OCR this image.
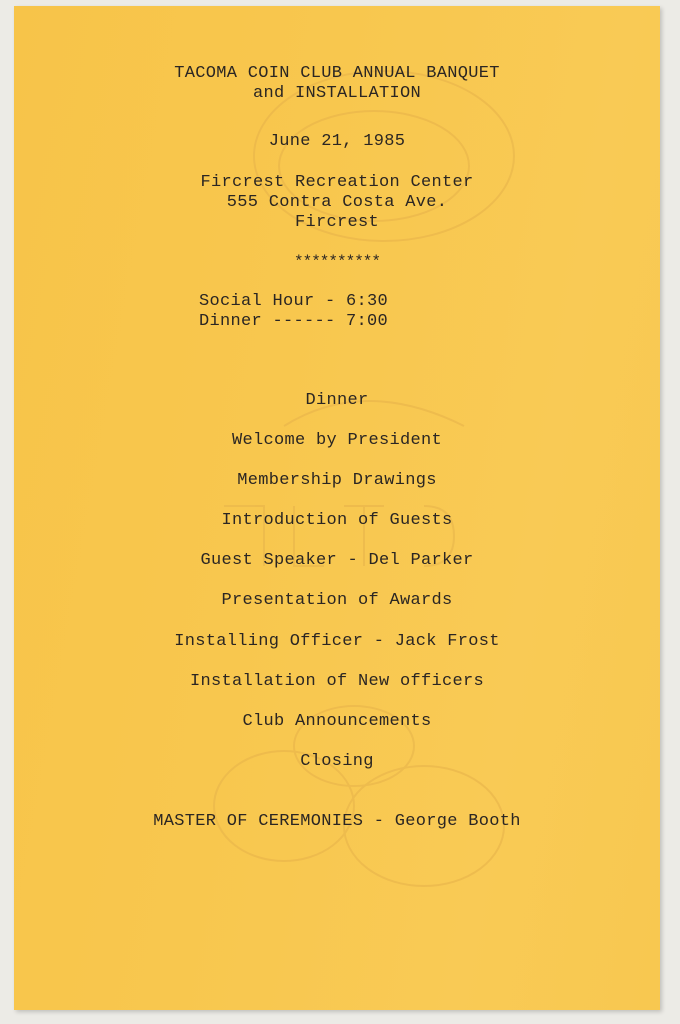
TACOMA COIN CLUB ANNUAL BANQUET
and INSTALLATION
June 21, 1985
Fircrest Recreation Center
555 Contra Costa Ave.
Fircrest
**********
Social Hour - 6:30
Dinner ------ 7:00
Dinner
Welcome by President
Membership Drawings
Introduction of Guests
Guest Speaker - Del Parker
Presentation of Awards
Installing Officer - Jack Frost
Installation of New officers
Club Announcements
Closing
MASTER OF CEREMONIES - George Booth
